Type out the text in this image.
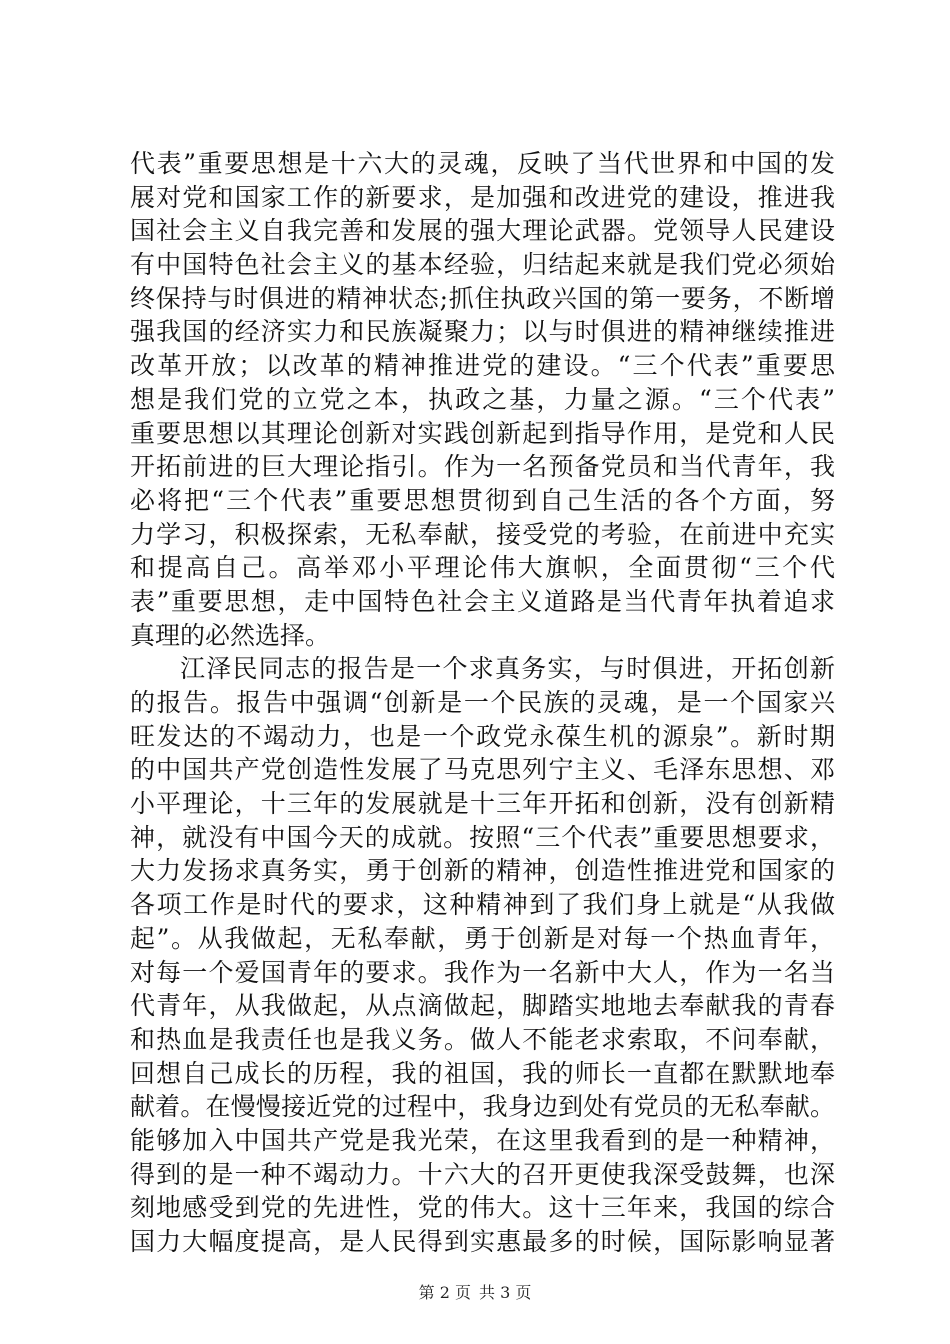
代表”重要思想是十六大的灵魂，反映了当代世界和中国的发
展对党和国家工作的新要求，是加强和改进党的建设，推进我
国社会主义自我完善和发展的强大理论武器。党领导人民建设
有中国特色社会主义的基本经验，归结起来就是我们党必须始
终保持与时俱进的精神状态;抓住执政兴国的第一要务，不断增
强我国的经济实力和民族凝聚力；以与时俱进的精神继续推进
改革开放；以改革的精神推进党的建设。“三个代表”重要思
想是我们党的立党之本，执政之基，力量之源。“三个代表”
重要思想以其理论创新对实践创新起到指导作用，是党和人民
开拓前进的巨大理论指引。作为一名预备党员和当代青年，我
必将把“三个代表”重要思想贯彻到自己生活的各个方面，努
力学习，积极探索，无私奉献，接受党的考验，在前进中充实
和提高自己。高举邓小平理论伟大旗帜，全面贯彻“三个代
表”重要思想，走中国特色社会主义道路是当代青年执着追求
真理的必然选择。
江泽民同志的报告是一个求真务实，与时俱进，开拓创新
的报告。报告中强调“创新是一个民族的灵魂，是一个国家兴
旺发达的不竭动力，也是一个政党永葆生机的源泉”。新时期
的中国共产党创造性发展了马克思列宁主义、毛泽东思想、邓
小平理论，十三年的发展就是十三年开拓和创新，没有创新精
神，就没有中国今天的成就。按照“三个代表”重要思想要求，
大力发扬求真务实，勇于创新的精神，创造性推进党和国家的
各项工作是时代的要求，这种精神到了我们身上就是“从我做
起”。从我做起，无私奉献，勇于创新是对每一个热血青年，
对每一个爱国青年的要求。我作为一名新中大人，作为一名当
代青年，从我做起，从点滴做起，脚踏实地地去奉献我的青春
和热血是我责任也是我义务。做人不能老求索取，不问奉献，
回想自己成长的历程，我的祖国，我的师长一直都在默默地奉
献着。在慢慢接近党的过程中，我身边到处有党员的无私奉献。
能够加入中国共产党是我光荣，在这里我看到的是一种精神，
得到的是一种不竭动力。十六大的召开更使我深受鼓舞，也深
刻地感受到党的先进性，党的伟大。这十三年来，我国的综合
国力大幅度提高，是人民得到实惠最多的时候，国际影响显著
第 2 页 共 3 页
